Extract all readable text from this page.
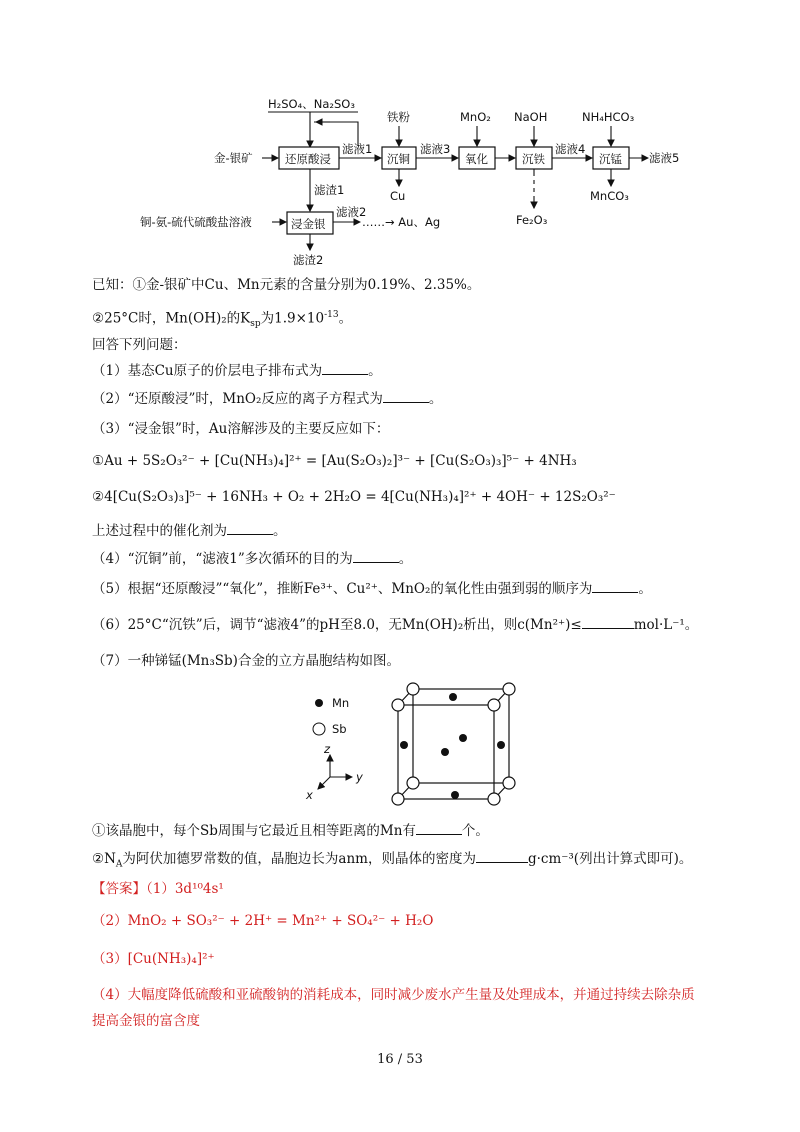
H₂SO₄、Na₂SO₃
金-银矿	还原酸浸
滤液1
沉铜
铁粉
Cu
滤液3
氧化
MnO₂
沉铁
NaOH
Fe₂O₃
滤液4
沉锰
NH₄HCO₃
滤液5
MnCO₃
滤渣1
铜-氨-硫代硫酸盐溶液	浸金银
滤液2
……→ Au、Ag
滤渣2
已知：①金-银矿中Cu、Mn元素的含量分别为0.19%、2.35%。
②25°C时，Mn(OH)₂的$K_{sp}$为$1.9\times 10^{-13}$。
回答下列问题：
（1）基态Cu原子的价层电子排布式为	。
（2）“还原酸浸”时，MnO₂反应的离子方程式为	。
（3）“浸金银”时，Au溶解涉及的主要反应如下：
①Au + 5S₂O₃²⁻ + [Cu(NH₃)₄]²⁺ = [Au(S₂O₃)₂]³⁻ + [Cu(S₂O₃)₃]⁵⁻ + 4NH₃
②4[Cu(S₂O₃)₃]⁵⁻ + 16NH₃ + O₂ + 2H₂O = 4[Cu(NH₃)₄]²⁺ + 4OH⁻ + 12S₂O₃²⁻
上述过程中的催化剂为	。
（4）“沉铜”前，“滤液1”多次循环的目的为	。
（5）根据“还原酸浸”“氧化”，推断Fe³⁺、Cu²⁺、MnO₂的氧化性由强到弱的顺序为	。
（6）25°C“沉铁”后，调节“滤液4”的pH至8.0，无Mn(OH)₂析出，则c(Mn²⁺)≤	mol·L⁻¹。
（7）一种锑锰(Mn₃Sb)合金的立方晶胞结构如图。
Mn
Sb
z
y
x
①该晶胞中，每个Sb周围与它最近且相等距离的Mn有	个。
$②N_A$为阿伏加德罗常数的值，晶胞边长为anm，则晶体的密度为	g·cm⁻³(列出计算式即可)。
【答案】（1）3d¹⁰4s¹
（2）MnO₂ + SO₃²⁻ + 2H⁺ = Mn²⁺ + SO₄²⁻ + H₂O
（3）[Cu(NH₃)₄]²⁺
（4）大幅度降低硫酸和亚硫酸钠的消耗成本，同时减少废水产生量及处理成本，并通过持续去除杂质
提高金银的富含度
16 / 53
